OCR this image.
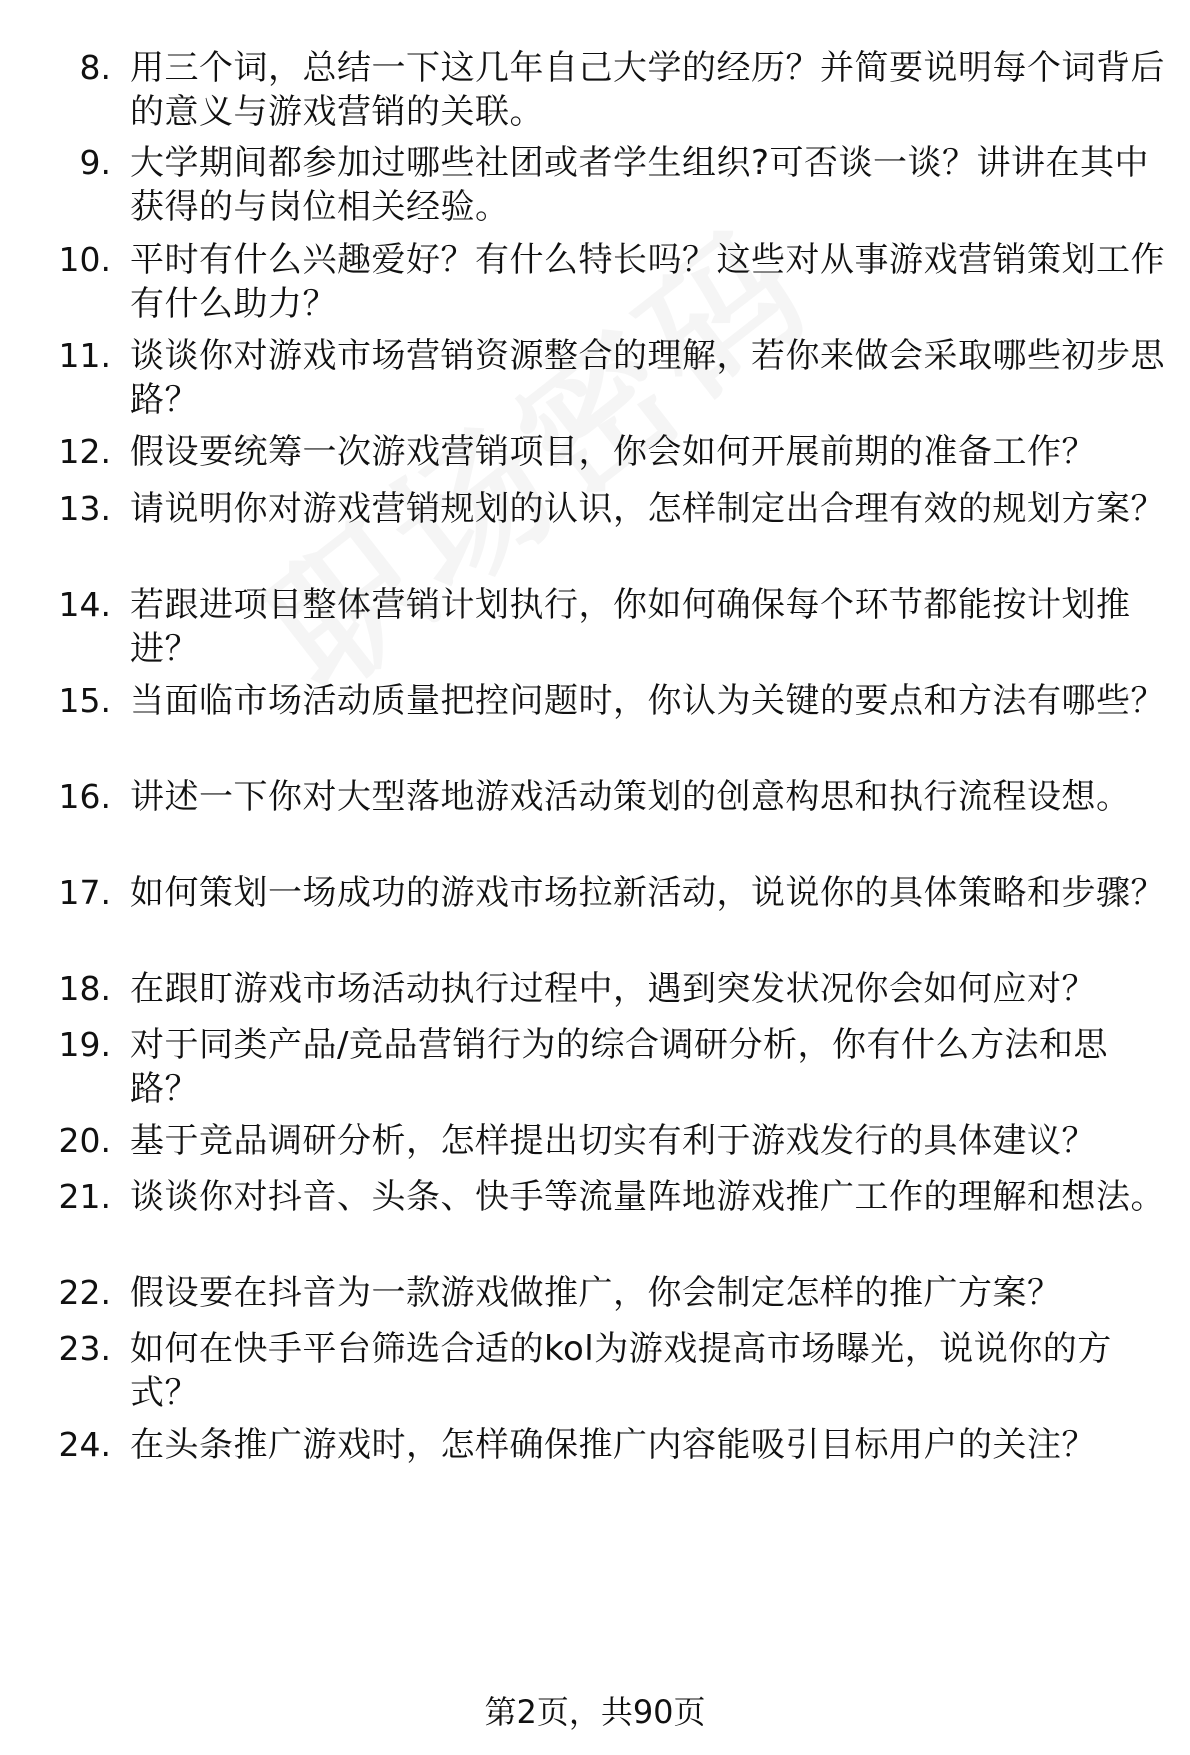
8. 用三个词，总结一下这几年自己大学的经历？并简要说明每个词背后的意义与游戏营销的关联。
9. 大学期间都参加过哪些社团或者学生组织?可否谈一谈？讲讲在其中获得的与岗位相关经验。
10. 平时有什么兴趣爱好？有什么特长吗？这些对从事游戏营销策划工作有什么助力？
11. 谈谈你对游戏市场营销资源整合的理解，若你来做会采取哪些初步思路？
12. 假设要统筹一次游戏营销项目，你会如何开展前期的准备工作？
13. 请说明你对游戏营销规划的认识，怎样制定出合理有效的规划方案？
14. 若跟进项目整体营销计划执行，你如何确保每个环节都能按计划推进？
15. 当面临市场活动质量把控问题时，你认为关键的要点和方法有哪些？
16. 讲述一下你对大型落地游戏活动策划的创意构思和执行流程设想。
17. 如何策划一场成功的游戏市场拉新活动，说说你的具体策略和步骤？
18. 在跟盯游戏市场活动执行过程中，遇到突发状况你会如何应对？
19. 对于同类产品/竞品营销行为的综合调研分析，你有什么方法和思路？
20. 基于竞品调研分析，怎样提出切实有利于游戏发行的具体建议？
21. 谈谈你对抖音、头条、快手等流量阵地游戏推广工作的理解和想法。
22. 假设要在抖音为一款游戏做推广，你会制定怎样的推广方案？
23. 如何在快手平台筛选合适的kol为游戏提高市场曝光，说说你的方式？
24. 在头条推广游戏时，怎样确保推广内容能吸引目标用户的关注？
第2页，共90页
